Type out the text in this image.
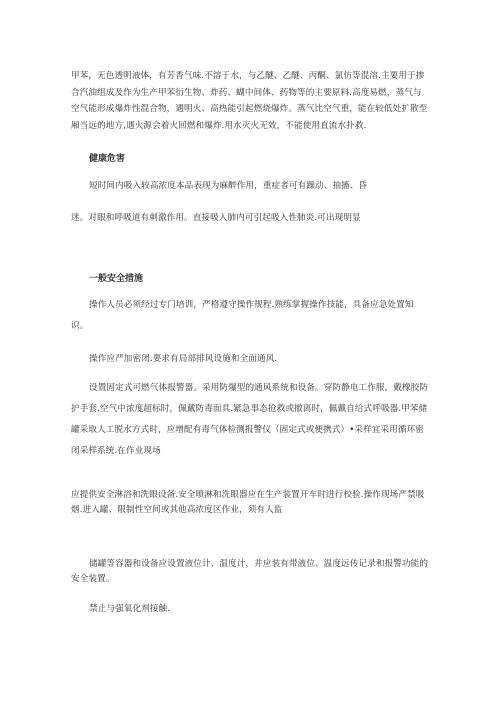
甲苯，无色透明液体，有芳香气味.不溶于水，与乙醚、乙醚、丙酮、氯仿等混溶.主要用于掺合汽油组成及作为生产甲苯衍生物、炸药、蝴中间体、药物等的主要原料.高度易燃，蒸气与空气能形成爆炸性混合物，遇明火、高热能引起燃烧爆炸。蒸气比空气重，能在较低处扩散至厢当远的地方,遇火源会着火回燃和爆炸.用水灭火无效，不能使用直流水扑救.

健康危害

短时间内吸入较高浓度本品表现为麻醉作用，重症者可有躁动、抽搐、昏

迷。对眼和呼吸道有刺激作用。直接吸入肺内可引起吸入性肺炎.可出现明显

一般安全措施

操作人员必须经过专门培训，严格遵守操作规程.熟练掌握操作技能，具备应急处置知识。

操作应严加密闭.要求有局部排风设施和全面通风.

设置固定式可燃气体报警器。采用防爆型的通风系统和设备。穿防静电工作服，戴橡胶防护手套.空气中浓度超标时，佩戴防毒面具.紧急事态抢救或撤离时，佩戴自给式呼吸器.甲苯储罐采取人工脱水方式时，应增配有毒气体检测报警仪（固定式或便携式）•采样宜采用循环密闭采样系统.在作业现场

应提供安全淋浴和洗眼设备.安全喷淋和洗眼器应在生产装置开车时进行校验.操作现场严禁吸烟.进入罐、限制性空间或其他高浓度区作业，须有人监

储罐等容器和设备应设置液位计、温度计，并应装有带液位、温度远传记录和报警功能的安全装置。

禁止与强氧化剂接触.
